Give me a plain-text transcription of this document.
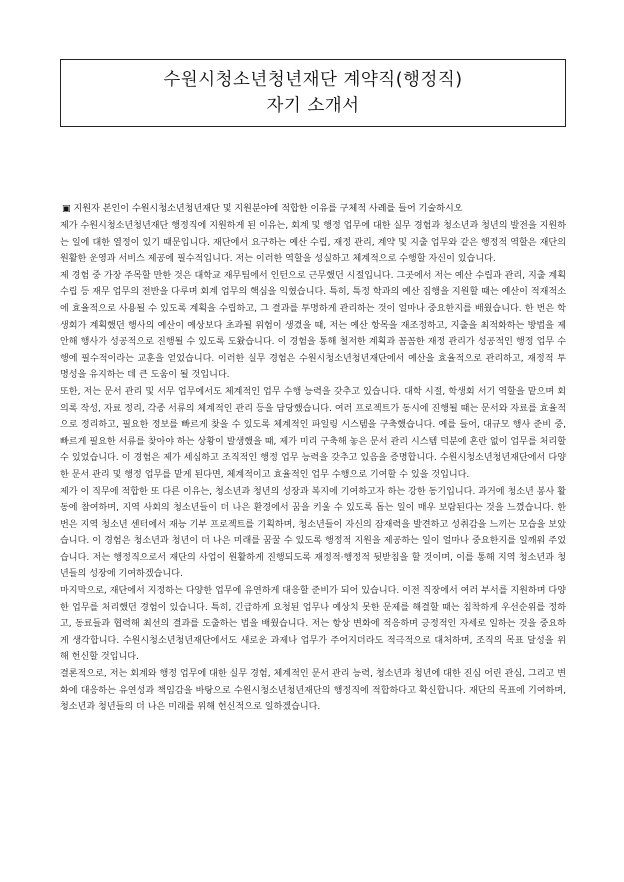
수원시청소년청년재단 계약직(행정직)
자기 소개서
▣ 지원자 본인이 수원시청소년청년재단 및 지원분야에 적합한 이유를 구체적 사례를 들어 기술하시오

제가 수원시청소년청년재단 행정직에 지원하게 된 이유는, 회계 및 행정 업무에 대한 실무 경험과 청소년과 청년의 발전을 지원하는 일에 대한 열정이 있기 때문입니다. 재단에서 요구하는 예산 수립, 재정 관리, 계약 및 지출 업무와 같은 행정적 역할은 재단의 원활한 운영과 서비스 제공에 필수적입니다. 저는 이러한 역할을 성실하고 체계적으로 수행할 자신이 있습니다.

제 경험 중 가장 주목할 만한 것은 대학교 재무팀에서 인턴으로 근무했던 시절입니다. 그곳에서 저는 예산 수립과 관리, 지출 계획 수립 등 재무 업무의 전반을 다루며 회계 업무의 핵심을 익혔습니다. 특히, 특정 학과의 예산 집행을 지원할 때는 예산이 적재적소에 효율적으로 사용될 수 있도록 계획을 수립하고, 그 결과를 투명하게 관리하는 것이 얼마나 중요한지를 배웠습니다. 한 번은 학생회가 계획했던 행사의 예산이 예상보다 초과될 위험이 생겼을 때, 저는 예산 항목을 재조정하고, 지출을 최적화하는 방법을 제안해 행사가 성공적으로 진행될 수 있도록 도왔습니다. 이 경험을 통해 철저한 계획과 꼼꼼한 재정 관리가 성공적인 행정 업무 수행에 필수적이라는 교훈을 얻었습니다. 이러한 실무 경험은 수원시청소년청년재단에서 예산을 효율적으로 관리하고, 재정적 투명성을 유지하는 데 큰 도움이 될 것입니다.

또한, 저는 문서 관리 및 서무 업무에서도 체계적인 업무 수행 능력을 갖추고 있습니다. 대학 시절, 학생회 서기 역할을 맡으며 회의록 작성, 자료 정리, 각종 서류의 체계적인 관리 등을 담당했습니다. 여러 프로젝트가 동시에 진행될 때는 문서와 자료를 효율적으로 정리하고, 필요한 정보를 빠르게 찾을 수 있도록 체계적인 파일링 시스템을 구축했습니다. 예를 들어, 대규모 행사 준비 중, 빠르게 필요한 서류를 찾아야 하는 상황이 발생했을 때, 제가 미리 구축해 놓은 문서 관리 시스템 덕분에 혼란 없이 업무를 처리할 수 있었습니다. 이 경험은 제가 세심하고 조직적인 행정 업무 능력을 갖추고 있음을 증명합니다. 수원시청소년청년재단에서 다양한 문서 관리 및 행정 업무를 맡게 된다면, 체계적이고 효율적인 업무 수행으로 기여할 수 있을 것입니다.

제가 이 직무에 적합한 또 다른 이유는, 청소년과 청년의 성장과 복지에 기여하고자 하는 강한 동기입니다. 과거에 청소년 봉사 활동에 참여하며, 지역 사회의 청소년들이 더 나은 환경에서 꿈을 키울 수 있도록 돕는 일이 매우 보람된다는 것을 느꼈습니다. 한 번은 지역 청소년 센터에서 재능 기부 프로젝트를 기획하며, 청소년들이 자신의 잠재력을 발견하고 성취감을 느끼는 모습을 보았습니다. 이 경험은 청소년과 청년이 더 나은 미래를 꿈꿀 수 있도록 행정적 지원을 제공하는 일이 얼마나 중요한지를 일깨워 주었습니다. 저는 행정직으로서 재단의 사업이 원활하게 진행되도록 재정적·행정적 뒷받침을 할 것이며, 이를 통해 지역 청소년과 청년들의 성장에 기여하겠습니다.

마지막으로, 재단에서 지정하는 다양한 업무에 유연하게 대응할 준비가 되어 있습니다. 이전 직장에서 여러 부서를 지원하며 다양한 업무를 처리했던 경험이 있습니다. 특히, 긴급하게 요청된 업무나 예상치 못한 문제를 해결할 때는 침착하게 우선순위를 정하고, 동료들과 협력해 최선의 결과를 도출하는 법을 배웠습니다. 저는 항상 변화에 적응하며 긍정적인 자세로 일하는 것을 중요하게 생각합니다. 수원시청소년청년재단에서도 새로운 과제나 업무가 주어지더라도 적극적으로 대처하며, 조직의 목표 달성을 위해 헌신할 것입니다.

결론적으로, 저는 회계와 행정 업무에 대한 실무 경험, 체계적인 문서 관리 능력, 청소년과 청년에 대한 진심 어린 관심, 그리고 변화에 대응하는 유연성과 책임감을 바탕으로 수원시청소년청년재단의 행정직에 적합하다고 확신합니다. 재단의 목표에 기여하며, 청소년과 청년들의 더 나은 미래를 위해 헌신적으로 일하겠습니다.
